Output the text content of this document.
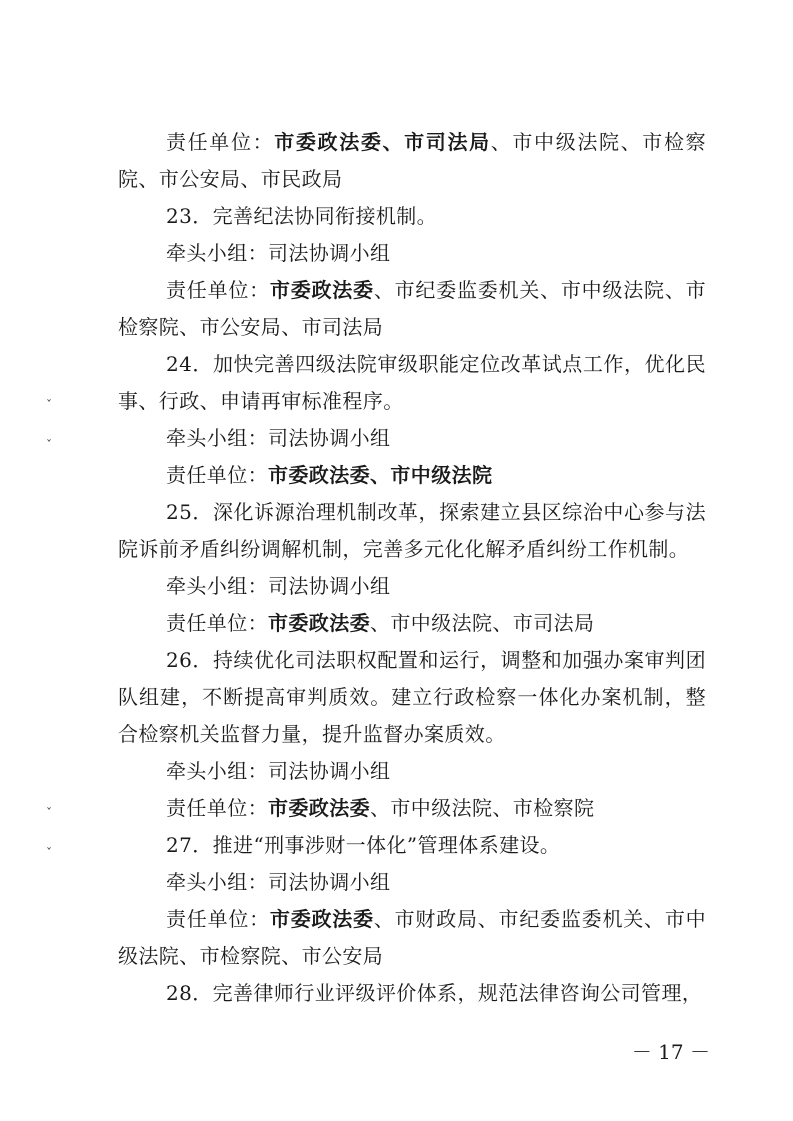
ˇ
ˇ
ˇ
ˇ

责任单位：市委政法委、市司法局、市中级法院、市检察院、市公安局、市民政局

23．完善纪法协同衔接机制。

牵头小组：司法协调小组

责任单位：市委政法委、市纪委监委机关、市中级法院、市检察院、市公安局、市司法局

24．加快完善四级法院审级职能定位改革试点工作，优化民事、行政、申请再审标准程序。

牵头小组：司法协调小组

责任单位：市委政法委、市中级法院

25．深化诉源治理机制改革，探索建立县区综治中心参与法院诉前矛盾纠纷调解机制，完善多元化化解矛盾纠纷工作机制。

牵头小组：司法协调小组

责任单位：市委政法委、市中级法院、市司法局

26．持续优化司法职权配置和运行，调整和加强办案审判团队组建，不断提高审判质效。建立行政检察一体化办案机制，整合检察机关监督力量，提升监督办案质效。

牵头小组：司法协调小组

责任单位：市委政法委、市中级法院、市检察院

27．推进“刑事涉财一体化”管理体系建设。

牵头小组：司法协调小组

责任单位：市委政法委、市财政局、市纪委监委机关、市中级法院、市检察院、市公安局

28．完善律师行业评级评价体系，规范法律咨询公司管理，

－ 17 －
